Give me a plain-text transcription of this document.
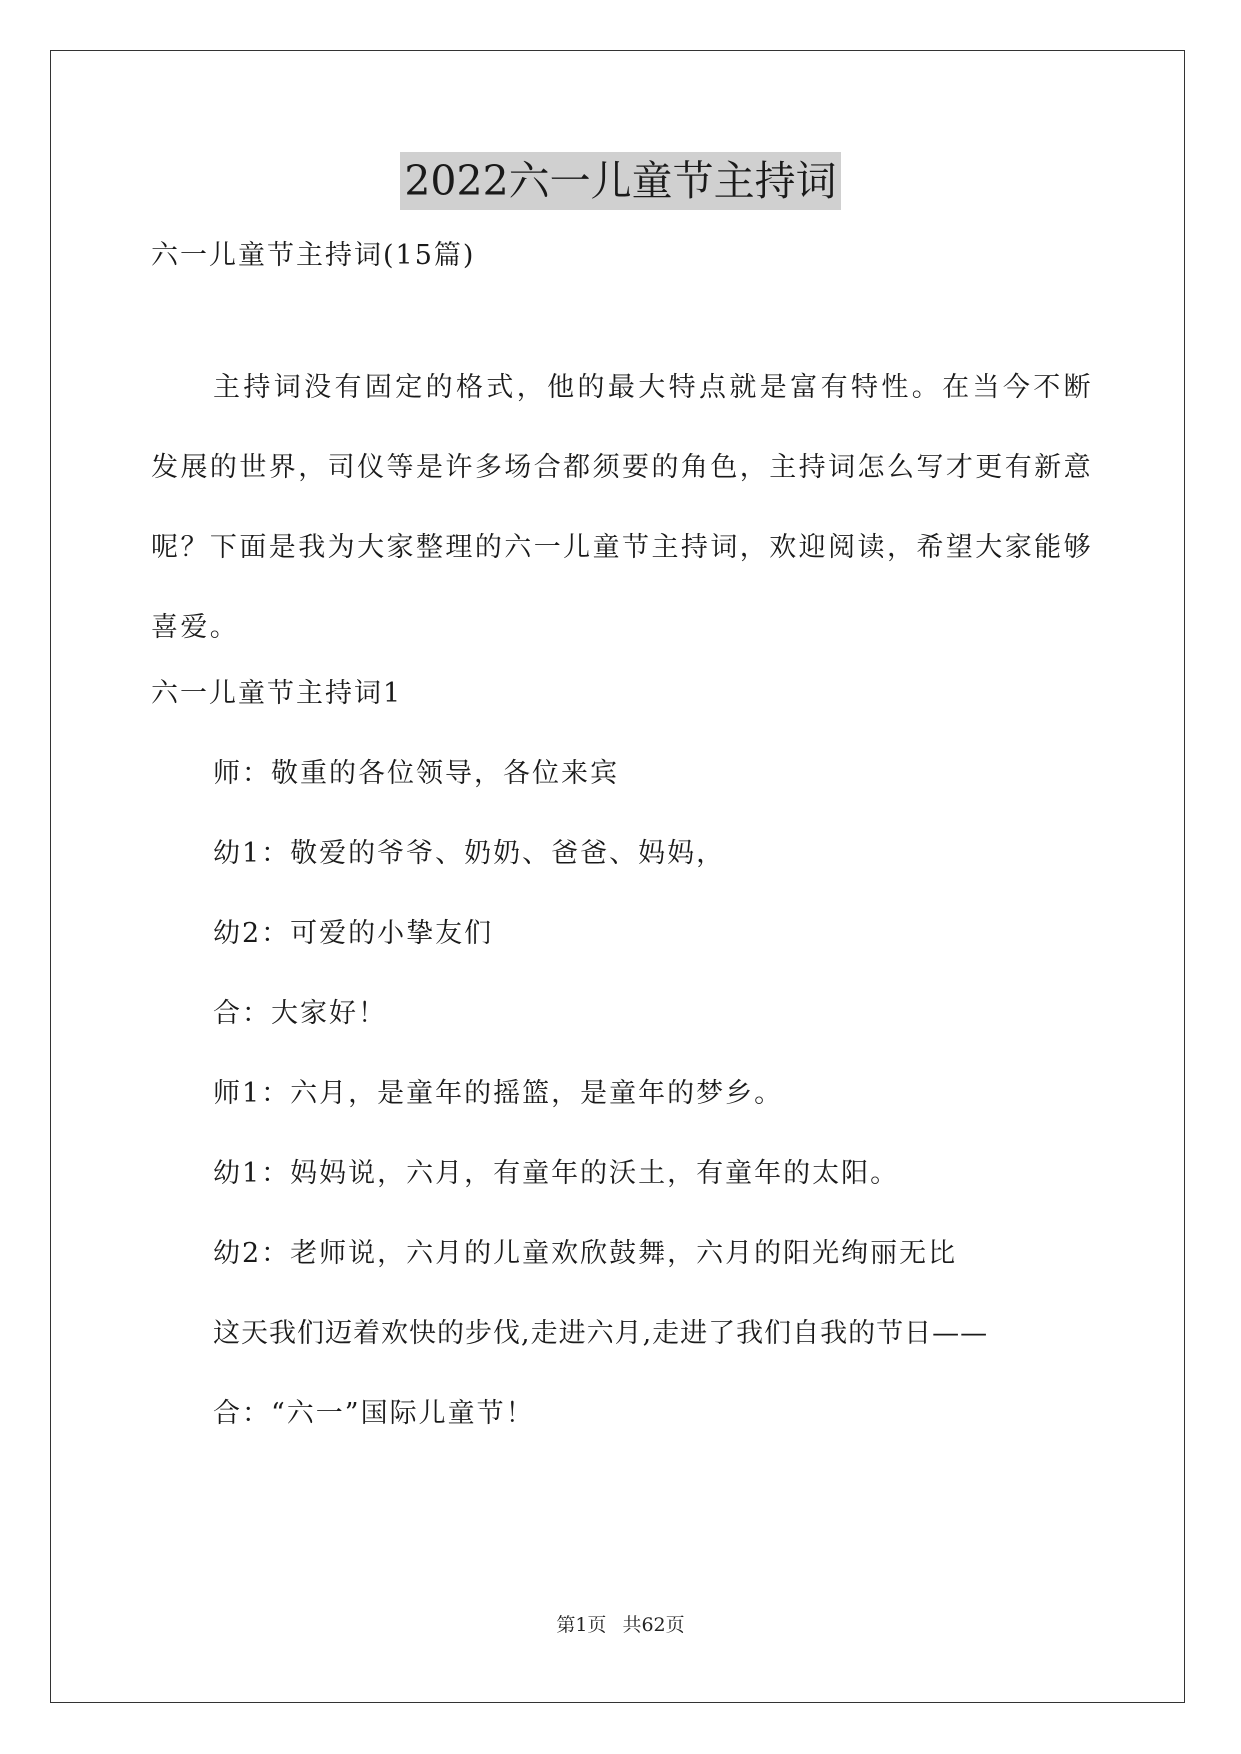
2022六一儿童节主持词
六一儿童节主持词(15篇)
主持词没有固定的格式，他的最大特点就是富有特性。在当今不断发展的世界，司仪等是许多场合都须要的角色，主持词怎么写才更有新意呢？下面是我为大家整理的六一儿童节主持词，欢迎阅读，希望大家能够喜爱。
六一儿童节主持词1
师：敬重的各位领导，各位来宾
幼1：敬爱的爷爷、奶奶、爸爸、妈妈，
幼2：可爱的小挚友们
合：大家好！
师1：六月，是童年的摇篮，是童年的梦乡。
幼1：妈妈说，六月，有童年的沃土，有童年的太阳。
幼2：老师说，六月的儿童欢欣鼓舞，六月的阳光绚丽无比
这天我们迈着欢快的步伐,走进六月,走进了我们自我的节日——
合：“六一”国际儿童节！
第1页 共62页
